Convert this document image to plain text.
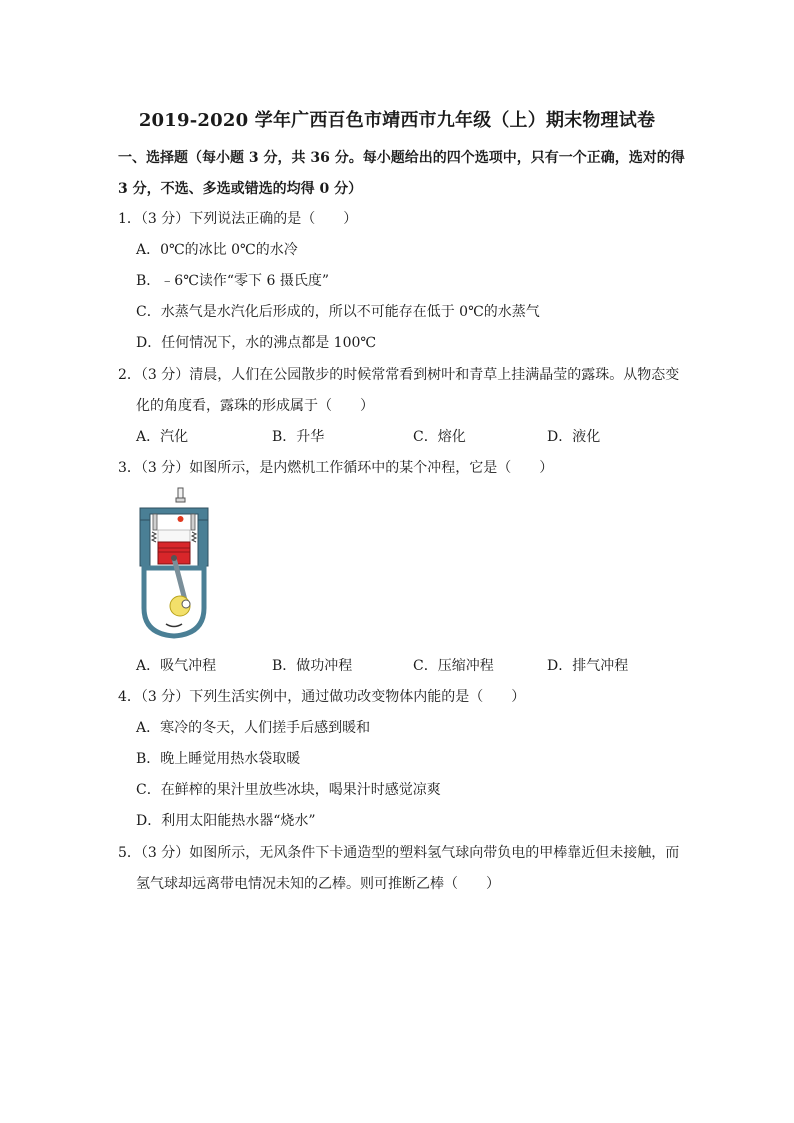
2019-2020 学年广西百色市靖西市九年级（上）期末物理试卷
一、选择题（每小题 3 分，共 36 分。每小题给出的四个选项中，只有一个正确，选对的得
3 分，不选、多选或错选的均得 0 分）
1．（3 分）下列说法正确的是（　　）
A．0℃的冰比 0℃的水冷
B．﹣6℃读作“零下 6 摄氏度”
C．水蒸气是水汽化后形成的，所以不可能存在低于 0℃的水蒸气
D．任何情况下，水的沸点都是 100℃
2．（3 分）清晨，人们在公园散步的时候常常看到树叶和青草上挂满晶莹的露珠。从物态变
化的角度看，露珠的形成属于（　　）
A．汽化	B．升华	C．熔化	D．液化
3．（3 分）如图所示，是内燃机工作循环中的某个冲程，它是（　　）
A．吸气冲程	B．做功冲程	C．压缩冲程	D．排气冲程
4．（3 分）下列生活实例中，通过做功改变物体内能的是（　　）
A．寒冷的冬天，人们搓手后感到暖和
B．晚上睡觉用热水袋取暖
C．在鲜榨的果汁里放些冰块，喝果汁时感觉凉爽
D．利用太阳能热水器“烧水”
5．（3 分）如图所示，无风条件下卡通造型的塑料氢气球向带负电的甲棒靠近但未接触，而
氢气球却远离带电情况未知的乙棒。则可推断乙棒（　　）
